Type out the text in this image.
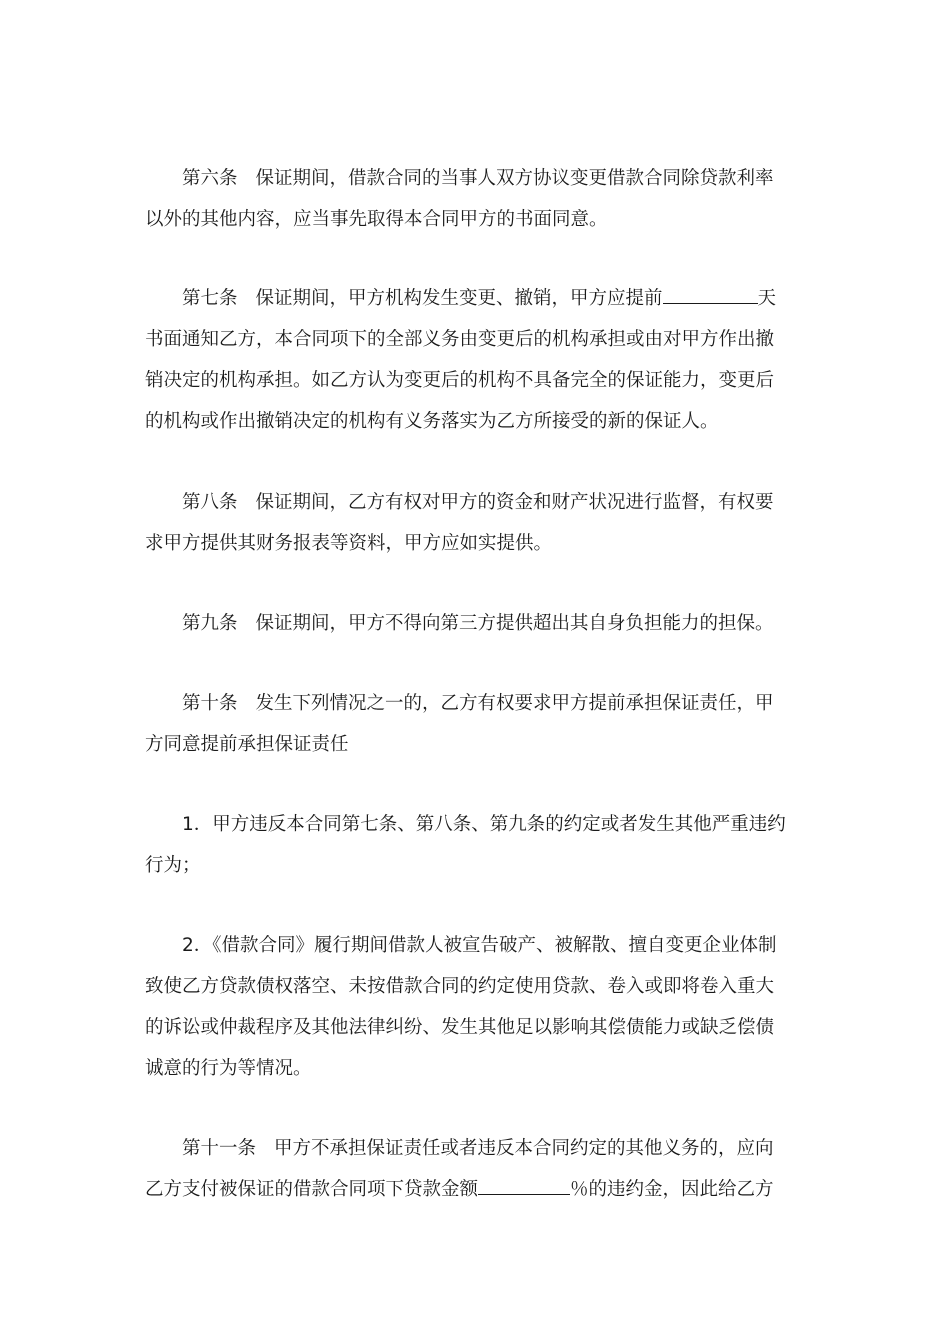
第六条 保证期间，借款合同的当事人双方协议变更借款合同除贷款利率
以外的其他内容，应当事先取得本合同甲方的书面同意。
第七条 保证期间，甲方机构发生变更、撤销，甲方应提前	天
书面通知乙方，本合同项下的全部义务由变更后的机构承担或由对甲方作出撤
销决定的机构承担。如乙方认为变更后的机构不具备完全的保证能力，变更后
的机构或作出撤销决定的机构有义务落实为乙方所接受的新的保证人。
第八条 保证期间，乙方有权对甲方的资金和财产状况进行监督，有权要
求甲方提供其财务报表等资料，甲方应如实提供。
第九条 保证期间，甲方不得向第三方提供超出其自身负担能力的担保。
第十条 发生下列情况之一的，乙方有权要求甲方提前承担保证责任，甲
方同意提前承担保证责任
1．甲方违反本合同第七条、第八条、第九条的约定或者发生其他严重违约
行为；
2．《借款合同》履行期间借款人被宣告破产、被解散、擅自变更企业体制
致使乙方贷款债权落空、未按借款合同的约定使用贷款、卷入或即将卷入重大
的诉讼或仲裁程序及其他法律纠纷、发生其他足以影响其偿债能力或缺乏偿债
诚意的行为等情况。
第十一条 甲方不承担保证责任或者违反本合同约定的其他义务的，应向
乙方支付被保证的借款合同项下贷款金额	％的违约金，因此给乙方
